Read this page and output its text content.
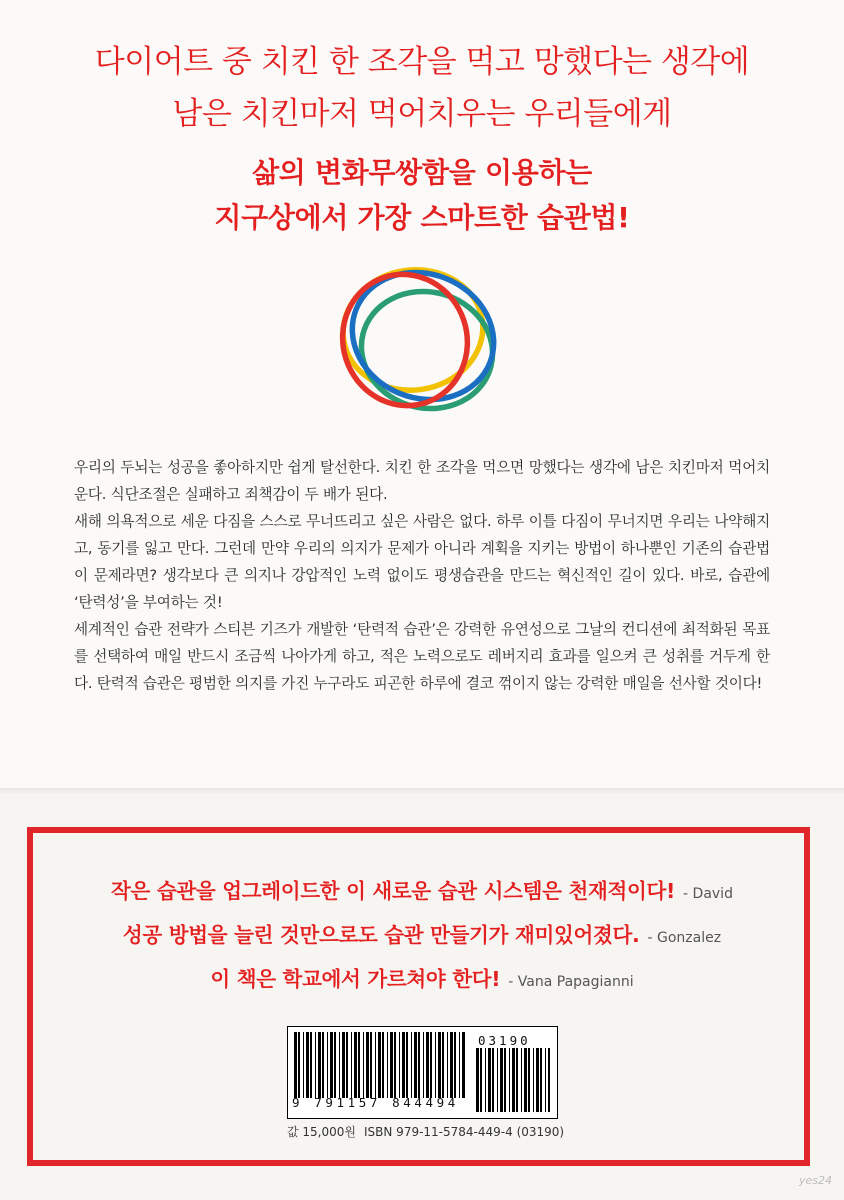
다이어트 중 치킨 한 조각을 먹고 망했다는 생각에
남은 치킨마저 먹어치우는 우리들에게
삶의 변화무쌍함을 이용하는
지구상에서 가장 스마트한 습관법!

우리의 두뇌는 성공을 좋아하지만 쉽게 탈선한다. 치킨 한 조각을 먹으면 망했다는 생각에 남은 치킨마저 먹어치운다. 식단조절은 실패하고 죄책감이 두 배가 된다.

새해 의욕적으로 세운 다짐을 스스로 무너뜨리고 싶은 사람은 없다. 하루 이틀 다짐이 무너지면 우리는 나약해지고, 동기를 잃고 만다. 그런데 만약 우리의 의지가 문제가 아니라 계획을 지키는 방법이 하나뿐인 기존의 습관법이 문제라면? 생각보다 큰 의지나 강압적인 노력 없이도 평생습관을 만드는 혁신적인 길이 있다. 바로, 습관에 ‘탄력성’을 부여하는 것!

세계적인 습관 전략가 스티븐 기즈가 개발한 ‘탄력적 습관’은 강력한 유연성으로 그날의 컨디션에 최적화된 목표를 선택하여 매일 반드시 조금씩 나아가게 하고, 적은 노력으로도 레버지리 효과를 일으켜 큰 성취를 거두게 한다. 탄력적 습관은 평범한 의지를 가진 누구라도 피곤한 하루에 결코 꺾이지 않는 강력한 매일을 선사할 것이다!

작은 습관을 업그레이드한 이 새로운 습관 시스템은 천재적이다! - David
성공 방법을 늘린 것만으로도 습관 만들기가 재미있어졌다. - Gonzalez
이 책은 학교에서 가르쳐야 한다! - Vana Papagianni
9 791157 844494
03190
값 15,000원 ISBN 979-11-5784-449-4 (03190)
yes24
